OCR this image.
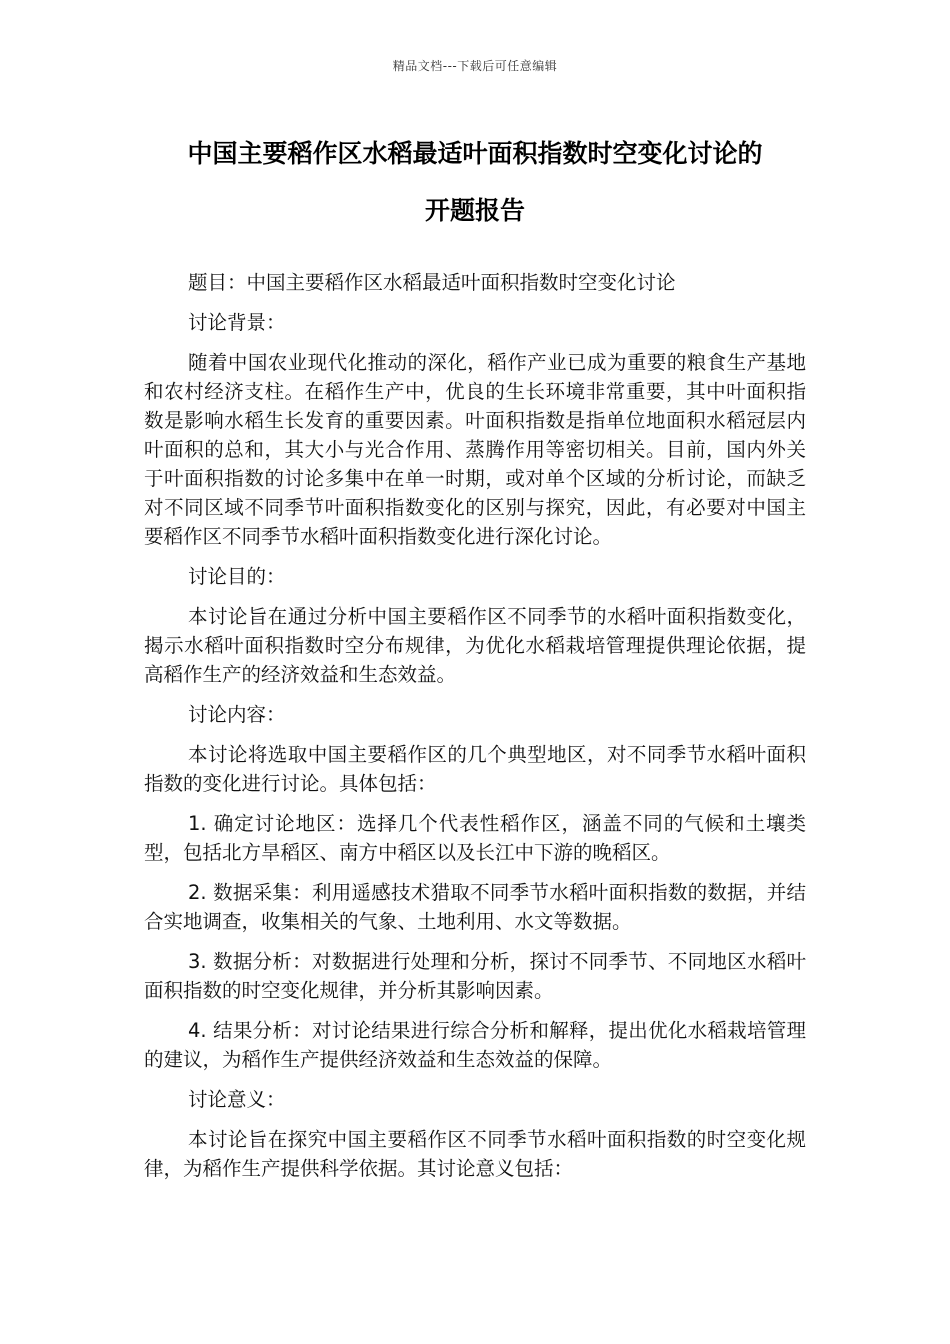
精品文档---下载后可任意编辑
中国主要稻作区水稻最适叶面积指数时空变化讨论的
开题报告

题目：中国主要稻作区水稻最适叶面积指数时空变化讨论

讨论背景：

随着中国农业现代化推动的深化，稻作产业已成为重要的粮食生产基地和农村经济支柱。在稻作生产中，优良的生长环境非常重要，其中叶面积指数是影响水稻生长发育的重要因素。叶面积指数是指单位地面积水稻冠层内叶面积的总和，其大小与光合作用、蒸腾作用等密切相关。目前，国内外关于叶面积指数的讨论多集中在单一时期，或对单个区域的分析讨论，而缺乏对不同区域不同季节叶面积指数变化的区别与探究，因此，有必要对中国主要稻作区不同季节水稻叶面积指数变化进行深化讨论。

讨论目的：

本讨论旨在通过分析中国主要稻作区不同季节的水稻叶面积指数变化，揭示水稻叶面积指数时空分布规律，为优化水稻栽培管理提供理论依据，提高稻作生产的经济效益和生态效益。

讨论内容：

本讨论将选取中国主要稻作区的几个典型地区，对不同季节水稻叶面积指数的变化进行讨论。具体包括：

1. 确定讨论地区：选择几个代表性稻作区，涵盖不同的气候和土壤类型，包括北方旱稻区、南方中稻区以及长江中下游的晚稻区。

2. 数据采集：利用遥感技术猎取不同季节水稻叶面积指数的数据，并结合实地调查，收集相关的气象、土地利用、水文等数据。

3. 数据分析：对数据进行处理和分析，探讨不同季节、不同地区水稻叶面积指数的时空变化规律，并分析其影响因素。

4. 结果分析：对讨论结果进行综合分析和解释，提出优化水稻栽培管理的建议，为稻作生产提供经济效益和生态效益的保障。

讨论意义：

本讨论旨在探究中国主要稻作区不同季节水稻叶面积指数的时空变化规律，为稻作生产提供科学依据。其讨论意义包括：
